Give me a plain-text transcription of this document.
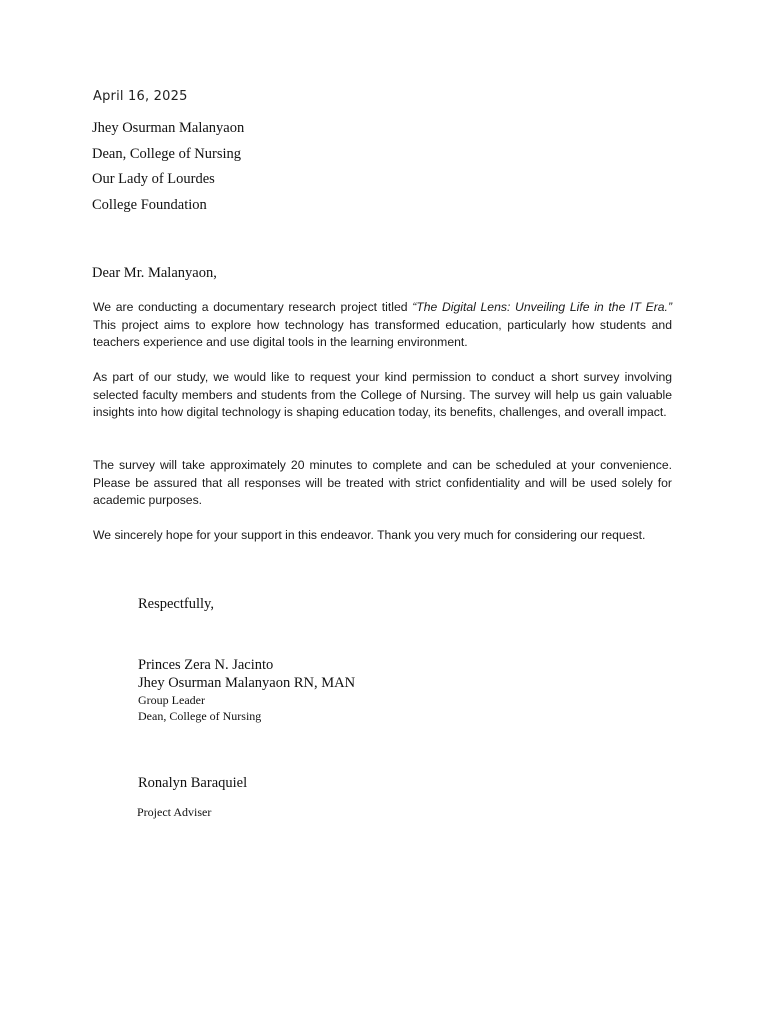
April 16, 2025
Jhey Osurman Malanyaon
Dean, College of Nursing
Our Lady of Lourdes
College Foundation
Dear Mr. Malanyaon,

We are conducting a documentary research project titled “The Digital Lens: Unveiling Life in the IT Era.” This project aims to explore how technology has transformed education, particularly how students and teachers experience and use digital tools in the learning environment.

As part of our study, we would like to request your kind permission to conduct a short survey involving selected faculty members and students from the College of Nursing. The survey will help us gain valuable insights into how digital technology is shaping education today, its benefits, challenges, and overall impact.

The survey will take approximately 20 minutes to complete and can be scheduled at your convenience. Please be assured that all responses will be treated with strict confidentiality and will be used solely for academic purposes.

We sincerely hope for your support in this endeavor. Thank you very much for considering our request.

Respectfully,
Princes Zera N. Jacinto
Jhey Osurman Malanyaon RN, MAN
Group Leader
Dean, College of Nursing
Ronalyn Baraquiel
Project Adviser
